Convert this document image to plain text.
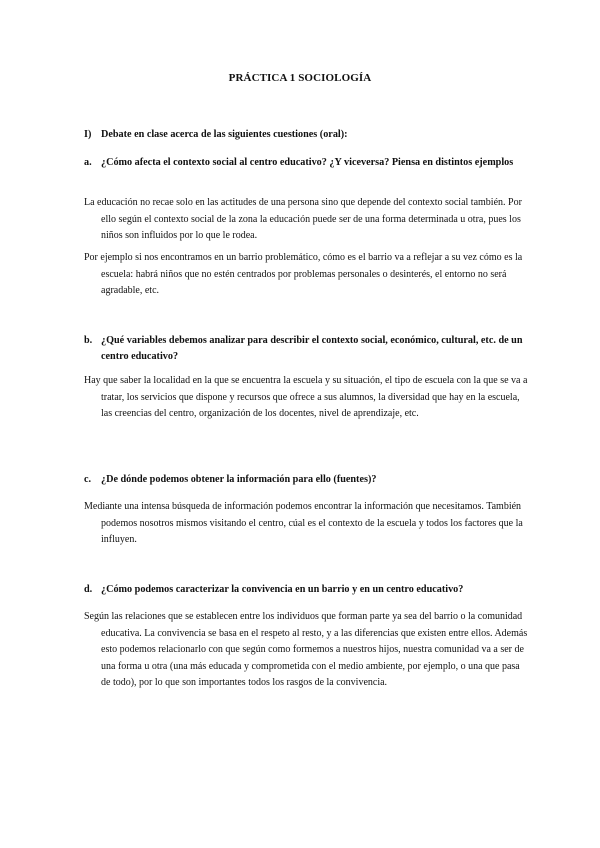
PRÁCTICA 1 SOCIOLOGÍA
I) Debate en clase acerca de las siguientes cuestiones (oral):
a. ¿Cómo afecta el contexto social al centro educativo? ¿Y viceversa? Piensa en distintos ejemplos
La educación no recae solo en las actitudes de una persona sino que depende del contexto social también. Por ello según el contexto social de la zona la educación puede ser de una forma determinada u otra, pues los niños son influidos por lo que le rodea.
Por ejemplo si nos encontramos en un barrio problemático, cómo es el barrio va a reflejar a su vez cómo es la escuela: habrá niños que no estén centrados por problemas personales o desinterés, el entorno no será agradable, etc.
b. ¿Qué variables debemos analizar para describir el contexto social, económico, cultural, etc. de un centro educativo?
Hay que saber la localidad en la que se encuentra la escuela y su situación, el tipo de escuela con la que se va a tratar, los servicios que dispone y recursos que ofrece a sus alumnos, la diversidad que hay en la escuela, las creencias del centro, organización de los docentes, nivel de aprendizaje, etc.
c. ¿De dónde podemos obtener la información para ello (fuentes)?
Mediante una intensa búsqueda de información podemos encontrar la información que necesitamos. También podemos nosotros mismos visitando el centro, cúal es el contexto de la escuela y todos los factores que la influyen.
d. ¿Cómo podemos caracterizar la convivencia en un barrio y en un centro educativo?
Según las relaciones que se establecen entre los individuos que forman parte ya sea del barrio o la comunidad educativa. La convivencia se basa en el respeto al resto, y a las diferencias que existen entre ellos. Además esto podemos relacionarlo con que según como formemos a nuestros hijos, nuestra comunidad va a ser de una forma u otra (una más educada y comprometida con el medio ambiente, por ejemplo, o una que pasa de todo), por lo que son importantes todos los rasgos de la convivencia.
